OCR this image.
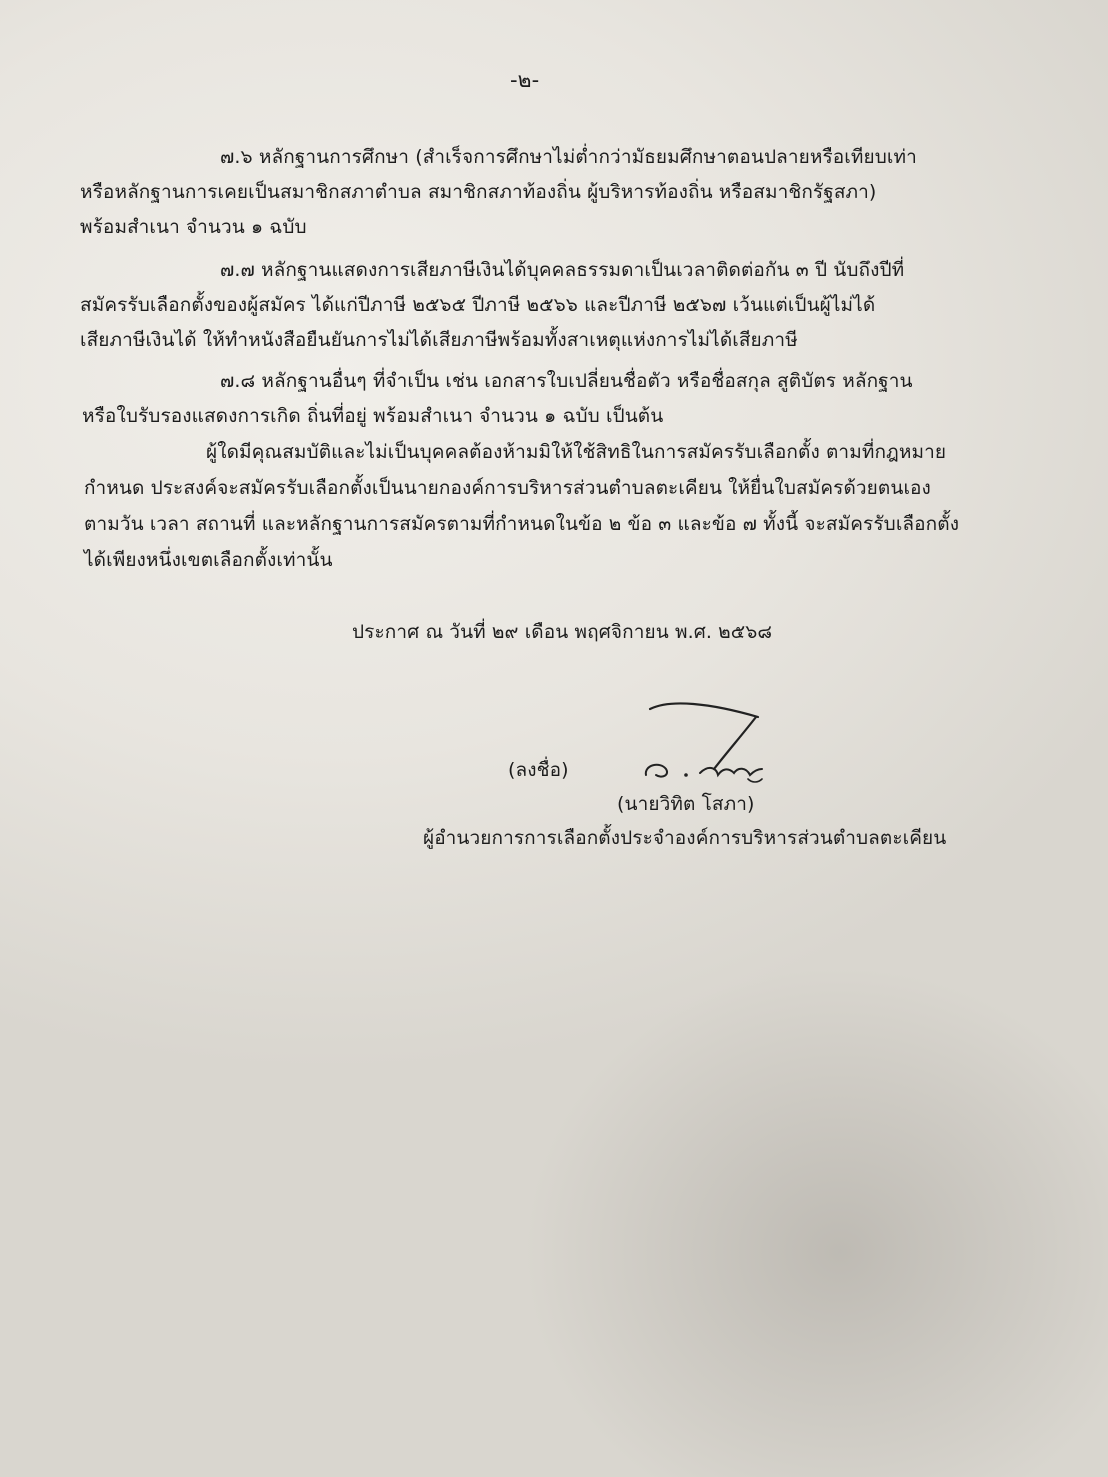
-๒-
๗.๖ หลักฐานการศึกษา (สำเร็จการศึกษาไม่ต่ำกว่ามัธยมศึกษาตอนปลายหรือเทียบเท่า
หรือหลักฐานการเคยเป็นสมาชิกสภาตำบล สมาชิกสภาท้องถิ่น ผู้บริหารท้องถิ่น หรือสมาชิกรัฐสภา)
พร้อมสำเนา จำนวน ๑ ฉบับ
๗.๗ หลักฐานแสดงการเสียภาษีเงินได้บุคคลธรรมดาเป็นเวลาติดต่อกัน ๓ ปี นับถึงปีที่
สมัครรับเลือกตั้งของผู้สมัคร ได้แก่ปีภาษี ๒๕๖๕ ปีภาษี ๒๕๖๖ และปีภาษี ๒๕๖๗ เว้นแต่เป็นผู้ไม่ได้
เสียภาษีเงินได้ ให้ทำหนังสือยืนยันการไม่ได้เสียภาษีพร้อมทั้งสาเหตุแห่งการไม่ได้เสียภาษี
๗.๘ หลักฐานอื่นๆ ที่จำเป็น เช่น เอกสารใบเปลี่ยนชื่อตัว หรือชื่อสกุล สูติบัตร หลักฐาน
หรือใบรับรองแสดงการเกิด ถิ่นที่อยู่ พร้อมสำเนา จำนวน ๑ ฉบับ เป็นต้น
ผู้ใดมีคุณสมบัติและไม่เป็นบุคคลต้องห้ามมิให้ใช้สิทธิในการสมัครรับเลือกตั้ง ตามที่กฎหมาย
กำหนด ประสงค์จะสมัครรับเลือกตั้งเป็นนายกองค์การบริหารส่วนตำบลตะเคียน ให้ยื่นใบสมัครด้วยตนเอง
ตามวัน เวลา สถานที่ และหลักฐานการสมัครตามที่กำหนดในข้อ ๒ ข้อ ๓ และข้อ ๗ ทั้งนี้ จะสมัครรับเลือกตั้ง
ได้เพียงหนึ่งเขตเลือกตั้งเท่านั้น
ประกาศ ณ วันที่ ๒๙ เดือน พฤศจิกายน พ.ศ. ๒๕๖๘
(ลงชื่อ)
(นายวิทิต โสภา)
ผู้อำนวยการการเลือกตั้งประจำองค์การบริหารส่วนตำบลตะเคียน
